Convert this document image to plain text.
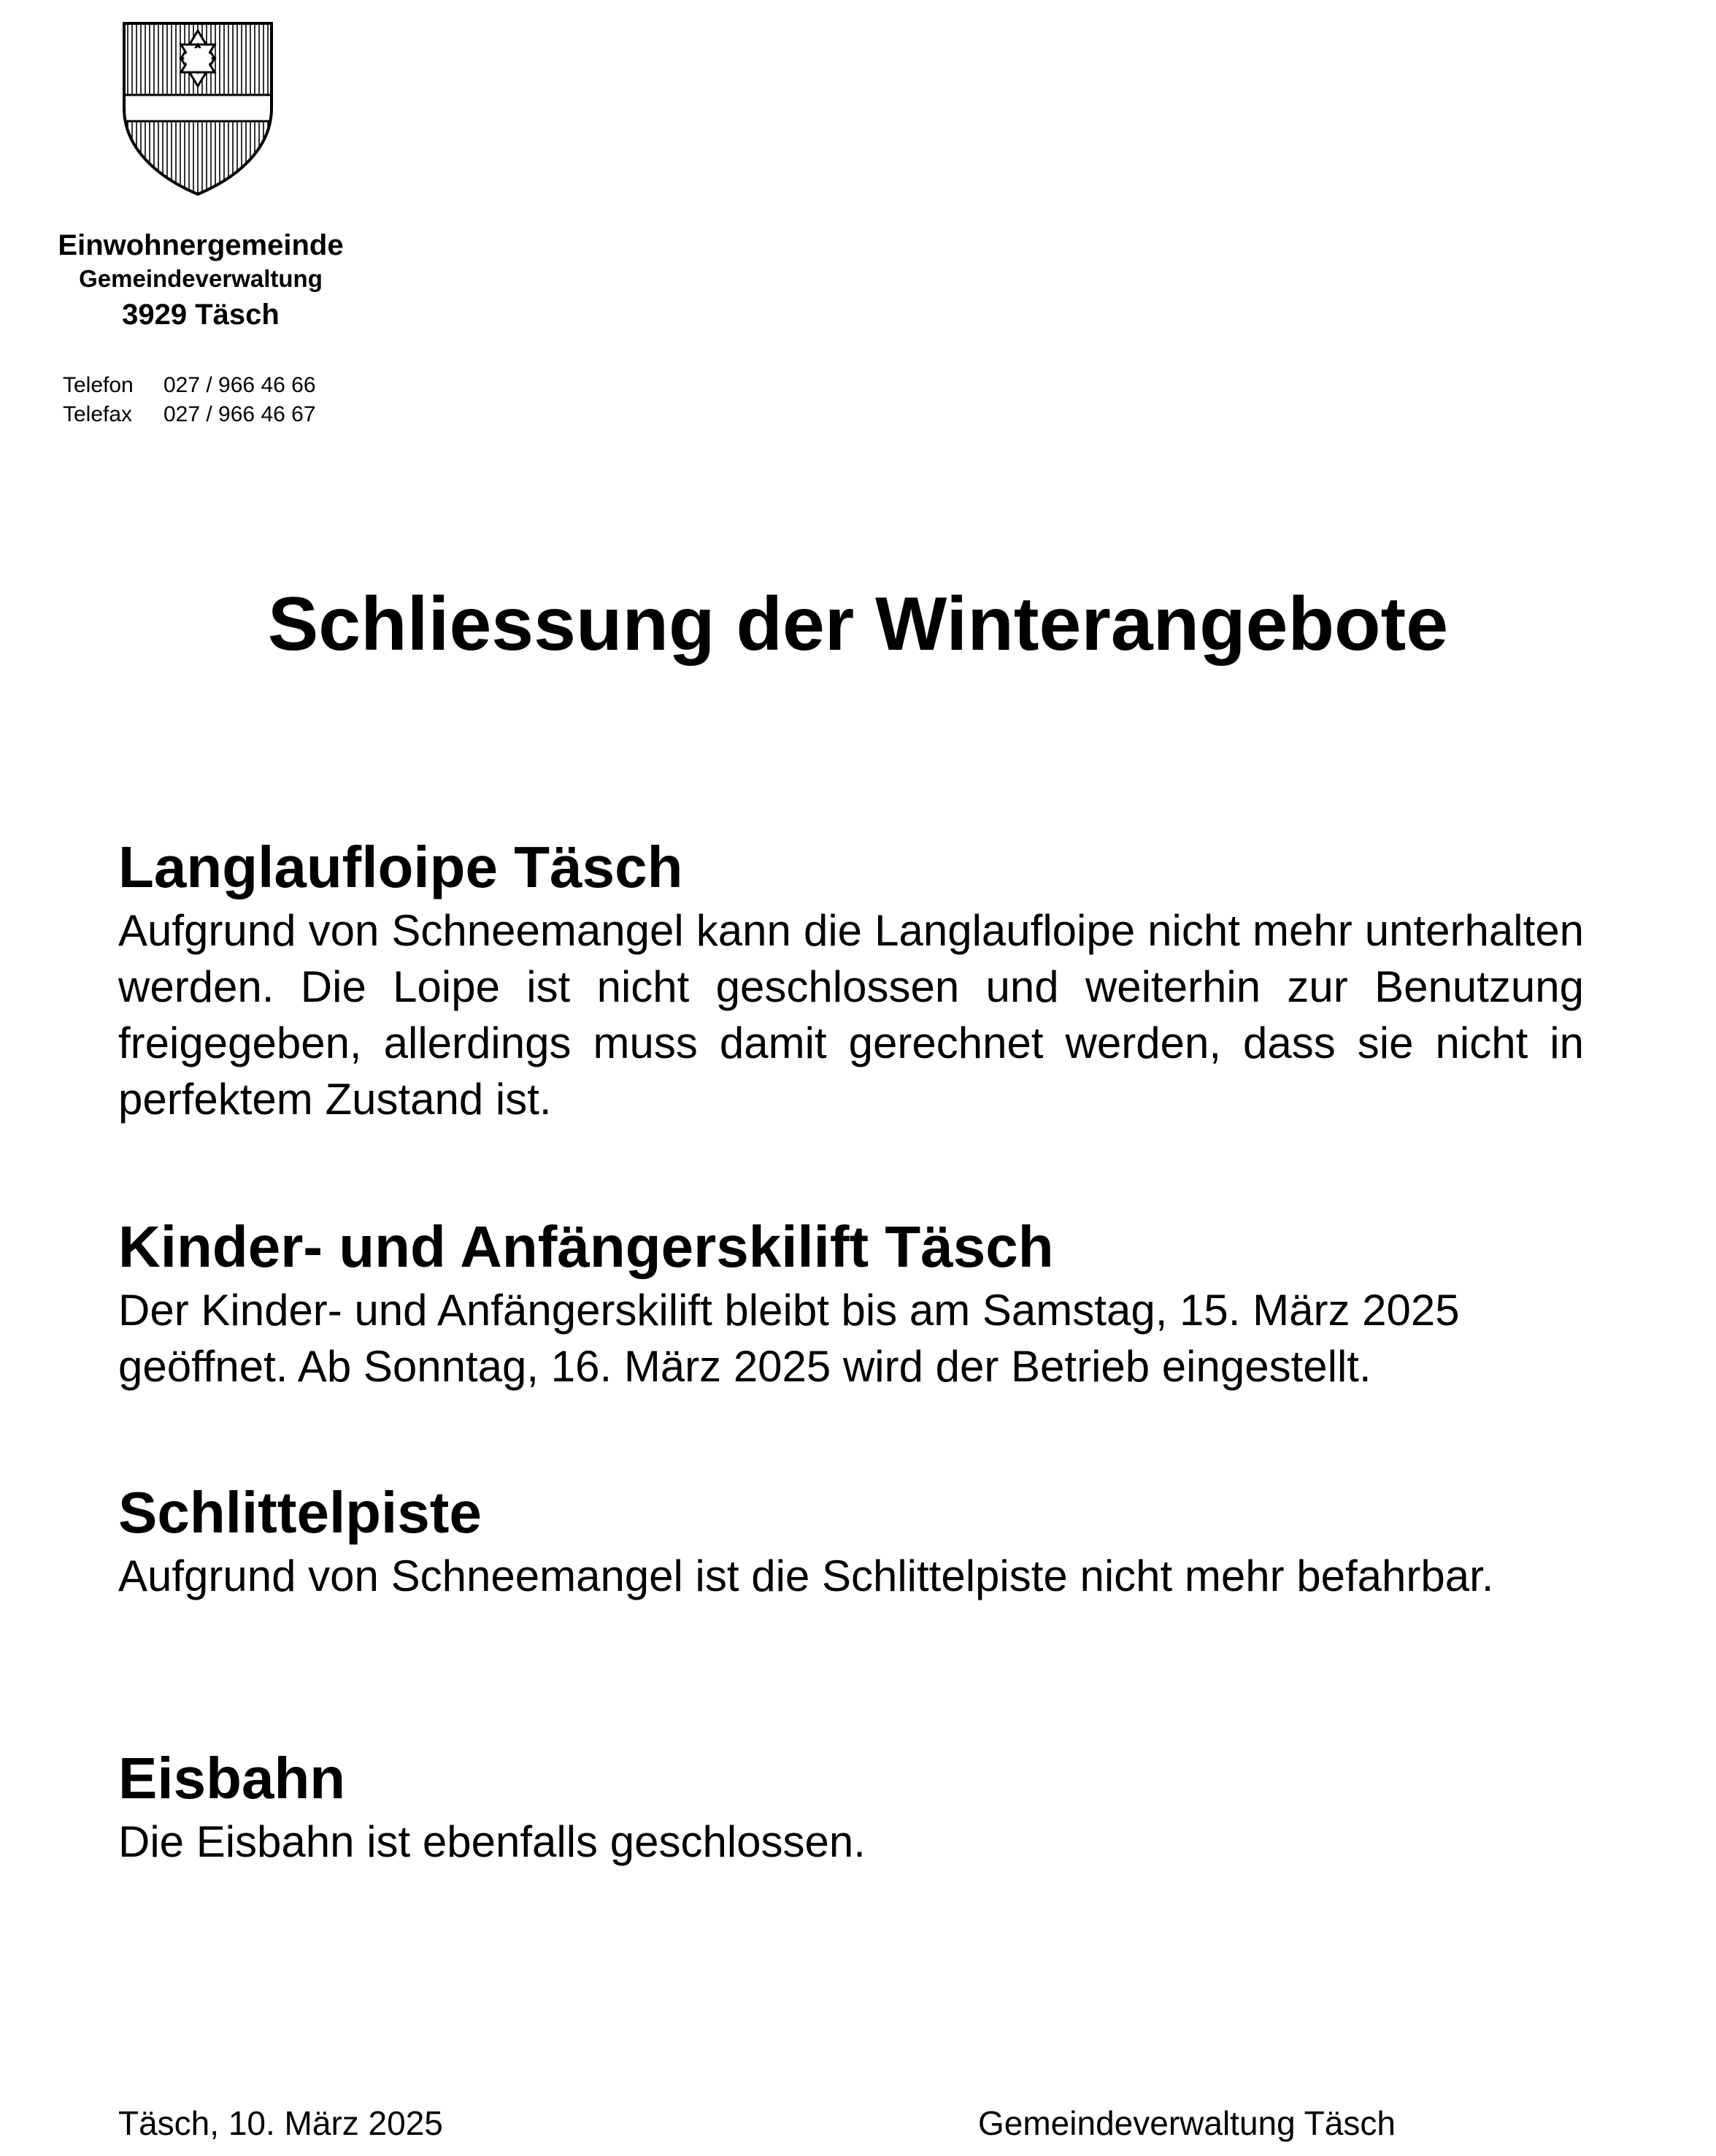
Einwohnergemeinde
Gemeindeverwaltung
3929 Täsch
Telefon 027 / 966 46 66
Telefax 027 / 966 46 67
Schliessung der Winterangebote
Langlaufloipe Täsch

Aufgrund von Schneemangel kann die Langlaufloipe nicht mehr unterhalten werden. Die Loipe ist nicht geschlossen und weiterhin zur Benutzung freigegeben, allerdings muss damit gerechnet werden, dass sie nicht in perfektem Zustand ist.

Kinder- und Anfängerskilift Täsch

Der Kinder- und Anfängerskilift bleibt bis am Samstag, 15. März 2025 geöffnet. Ab Sonntag, 16. März 2025 wird der Betrieb eingestellt.

Schlittelpiste

Aufgrund von Schneemangel ist die Schlittelpiste nicht mehr befahrbar.

Eisbahn

Die Eisbahn ist ebenfalls geschlossen.

Täsch, 10. März 2025	Gemeindeverwaltung Täsch
